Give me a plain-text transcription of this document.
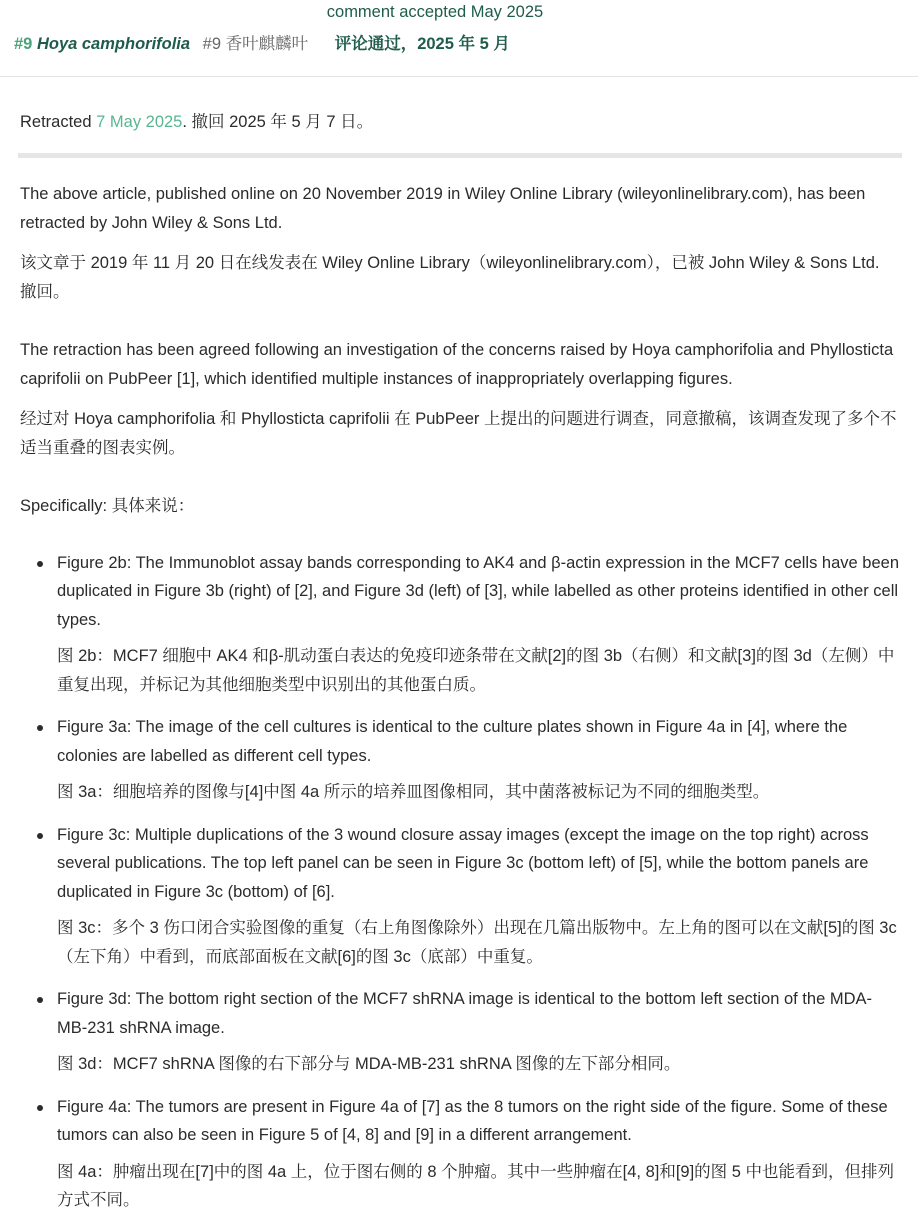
comment accepted May 2025
#9 Hoya camphorifolia #9 香叶麒麟叶 评论通过，2025 年 5 月
Retracted 7 May 2025. 撤回 2025 年 5 月 7 日。

The above article, published online on 20 November 2019 in Wiley Online Library (wileyonlinelibrary.com), has been retracted by John Wiley & Sons Ltd.

该文章于 2019 年 11 月 20 日在线发表在 Wiley Online Library（wileyonlinelibrary.com），已被 John Wiley & Sons Ltd. 撤回。

The retraction has been agreed following an investigation of the concerns raised by Hoya camphorifolia and Phyllosticta caprifolii on PubPeer [1], which identified multiple instances of inappropriately overlapping figures.

经过对 Hoya camphorifolia 和 Phyllosticta caprifolii 在 PubPeer 上提出的问题进行调查，同意撤稿，该调查发现了多个不适当重叠的图表实例。

Specifically: 具体来说：

Figure 2b: The Immunoblot assay bands corresponding to AK4 and β-actin expression in the MCF7 cells have been duplicated in Figure 3b (right) of [2], and Figure 3d (left) of [3], while labelled as other proteins identified in other cell types.

图 2b：MCF7 细胞中 AK4 和β-肌动蛋白表达的免疫印迹条带在文献[2]的图 3b（右侧）和文献[3]的图 3d（左侧）中重复出现，并标记为其他细胞类型中识别出的其他蛋白质。

Figure 3a: The image of the cell cultures is identical to the culture plates shown in Figure 4a in [4], where the colonies are labelled as different cell types.

图 3a：细胞培养的图像与[4]中图 4a 所示的培养皿图像相同，其中菌落被标记为不同的细胞类型。

Figure 3c: Multiple duplications of the 3 wound closure assay images (except the image on the top right) across several publications. The top left panel can be seen in Figure 3c (bottom left) of [5], while the bottom panels are duplicated in Figure 3c (bottom) of [6].

图 3c：多个 3 伤口闭合实验图像的重复（右上角图像除外）出现在几篇出版物中。左上角的图可以在文献[5]的图 3c（左下角）中看到，而底部面板在文献[6]的图 3c（底部）中重复。

Figure 3d: The bottom right section of the MCF7 shRNA image is identical to the bottom left section of the MDA-MB-231 shRNA image.

图 3d：MCF7 shRNA 图像的右下部分与 MDA-MB-231 shRNA 图像的左下部分相同。

Figure 4a: The tumors are present in Figure 4a of [7] as the 8 tumors on the right side of the figure. Some of these tumors can also be seen in Figure 5 of [4, 8] and [9] in a different arrangement.

图 4a：肿瘤出现在[7]中的图 4a 上，位于图右侧的 8 个肿瘤。其中一些肿瘤在[4, 8]和[9]的图 5 中也能看到，但排列方式不同。
